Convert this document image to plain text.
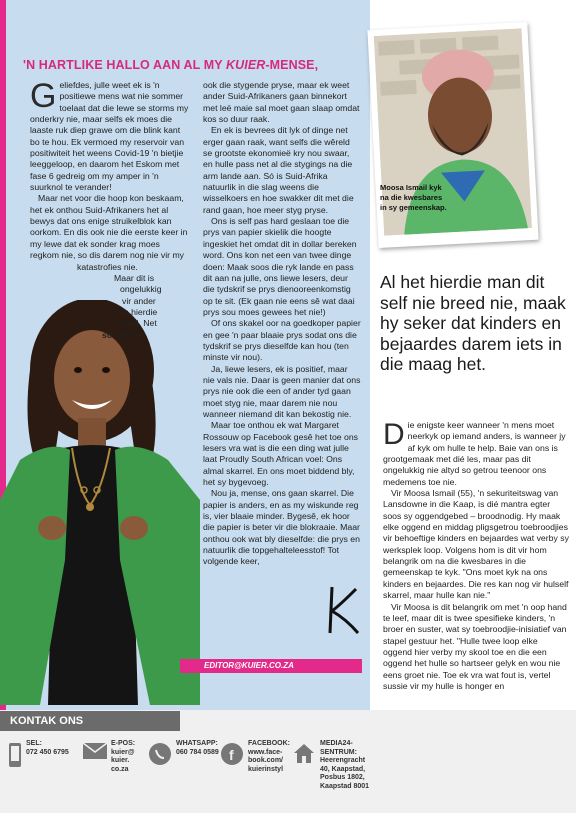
'N HARTLIKE HALLO AAN AL MY KUIER-MENSE,

Geliefdes, julle weet ek is 'n positiewe mens wat nie sommer toelaat dat die lewe se storms my onderkry nie, maar selfs ek moes die laaste ruk diep grawe om die blink kant bo te hou. Ek vermoed my reservoir van positiwiteit het weens Covid-19 'n bietjie leeggeloop, en daarom het Eskom met fase 6 gedreig om my amper in 'n suurknol te verander!

Maar net voor die hoop kon beskaam, het ek onthou Suid-Afrikaners het al bewys dat ons enige struikelblok kan oorkom. En dis ook nie die eerste keer in my lewe dat ek sonder krag moes regkom nie, so dis darem nog nie vir my

katastrofies nie.
Maar dit is
ongelukkig
vir ander
in hierdie
land. Net
só voel ek

ook die stygende pryse, maar ek weet ander Suid-Afrikaners gaan binnekort met leë maie sal moet gaan slaap omdat kos so duur raak.

En ek is bevrees dit lyk of dinge net erger gaan raak, want selfs die wêreld se grootste ekonomieë kry nou swaar, en hulle pass net al die stygings na die arm lande aan. Só is Suid-Afrika natuurlik in die slag weens die wisselkoers en hoe swakker dit met die rand gaan, hoe meer styg pryse.

Ons is self pas hard geslaan toe die prys van papier skielik die hoogte ingeskiet het omdat dit in dollar bereken word. Ons kon net een van twee dinge doen: Maak soos die ryk lande en pass dit aan na julle, ons liewe lesers, deur die tydskrif se prys dienooreenkomstig op te sit. (Ek gaan nie eens sê wat daai prys sou moes gewees het nie!)

Of ons skakel oor na goedkoper papier en gee 'n paar blaaie prys sodat ons die tydskrif se prys dieselfde kan hou (ten minste vir nou).

Ja, liewe lesers, ek is positief, maar nie vals nie. Daar is geen manier dat ons prys nie ook die een of ander tyd gaan moet styg nie, maar darem nie nou wanneer niemand dit kan bekostig nie.

Maar toe onthou ek wat Margaret Rossouw op Facebook gesê het toe ons lesers vra wat is die een ding wat julle laat Proudly South African voel: Ons almal skarrel. En ons moet biddend bly, het sy bygevoeg.

Nou ja, mense, ons gaan skarrel. Die papier is anders, en as my wiskunde reg is, vier blaaie minder. Bygesê, ek hoor die papier is beter vir die blokraaie. Maar onthou ook wat bly dieselfde: die prys en natuurlik die topgehalteleesstof! Tot volgende keer,

EDITOR@KUIER.CO.ZA
Moosa Ismail kyk na die kwesbares in sy gemeenskap.
Al het hierdie man dit self nie breed nie, maak hy seker dat kinders en bejaardes darem iets in die maag het.

Die enigste keer wanneer 'n mens moet neerkyk op iemand anders, is wanneer jy af kyk om hulle te help. Baie van ons is grootgemaak met dié les, maar pas dit ongelukkig nie altyd so getrou teenoor ons medemens toe nie.

Vir Moosa Ismail (55), 'n sekuriteitswag van Lansdowne in die Kaap, is dié mantra egter soos sy oggendgebed – broodnodig. Hy maak elke oggend en middag pligsgetrou toebroodjies vir behoeftige kinders en bejaardes wat verby sy werksplek loop. Volgens hom is dit vir hom belangrik om na die kwesbares in die gemeenskap te kyk. "Ons moet kyk na ons kinders en bejaardes. Die res kan nog vir hulself skarrel, maar hulle kan nie."

Vir Moosa is dit belangrik om met 'n oop hand te leef, maar dit is twee spesifieke kinders, 'n broer en suster, wat sy toebroodjie-inisiatief van stapel gestuur het. "Hulle twee loop elke oggend hier verby my skool toe en die een oggend het hulle so hartseer gelyk en wou nie eens groet nie. Toe ek vra wat fout is, vertel sussie vir my hulle is honger en

KONTAK ONS
SEL:
072 450 6795
E-POS:
kuier@
kuier.
co.za
WHATSAPP:
060 784 0589 f
FACEBOOK:
www.face-
book.com/
kuierinstyl
MEDIA24-
SENTRUM:
Heerengracht
40, Kaapstad,
Posbus 1802,
Kaapstad 8001
